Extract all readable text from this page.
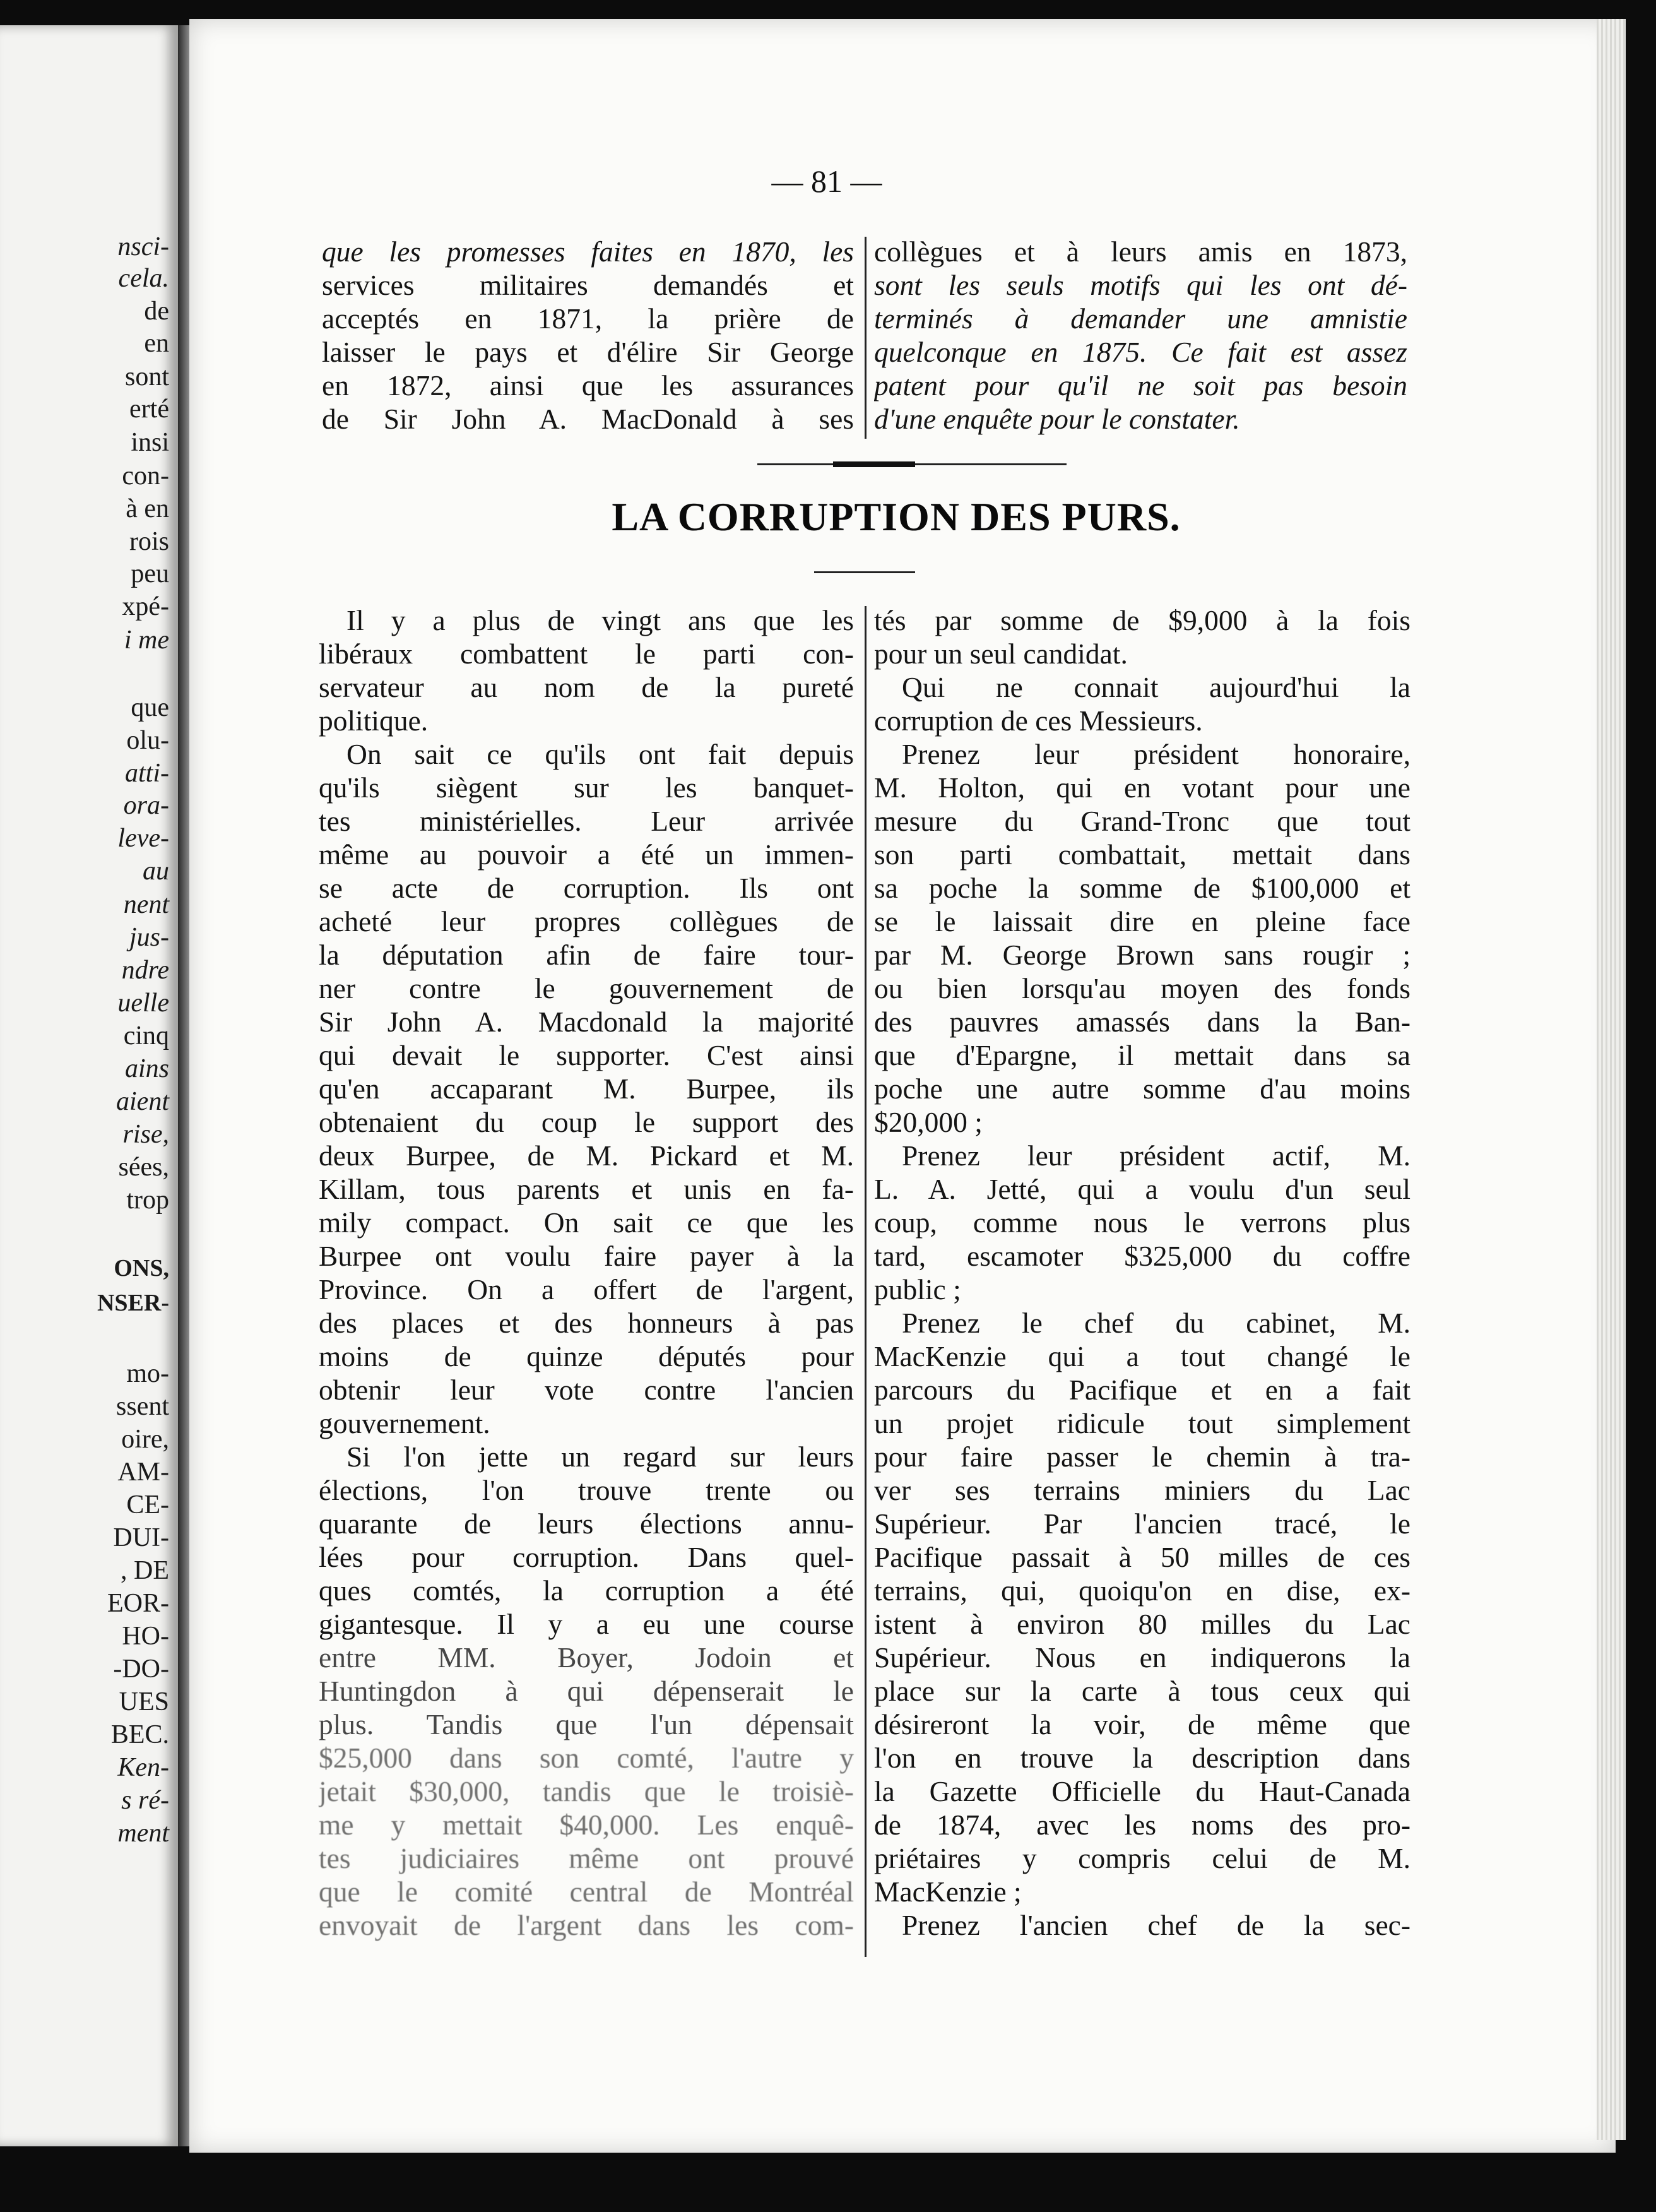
nsci-
cela.
de
en
sont
erté
insi
con-
à en
rois
peu
xpé-
i me
que
olu-
atti-
ora-
leve-
au
nent
jus-
ndre
uelle
cinq
ains
aient
rise,
sées,
trop
ONS,
NSER-
mo-
ssent
oire,
AM-
CE-
DUI-
, DE
EOR-
HO-
-DO-
UES
BEC.
Ken-
s ré-
ment
— 81 —
que les promesses faites en 1870, les
services militaires demandés et
acceptés en 1871, la prière de
laisser le pays et d'élire Sir George
en 1872, ainsi que les assurances
de Sir John A. MacDonald à ses
collègues et à leurs amis en 1873,
sont les seuls motifs qui les ont dé-
terminés à demander une amnistie
quelconque en 1875. Ce fait est assez
patent pour qu'il ne soit pas besoin
d'une enquête pour le constater.
LA CORRUPTION DES PURS.
Il y a plus de vingt ans que les
libéraux combattent le parti con-
servateur au nom de la pureté
politique.
On sait ce qu'ils ont fait depuis
qu'ils siègent sur les banquet-
tes ministérielles. Leur arrivée
même au pouvoir a été un immen-
se acte de corruption. Ils ont
acheté leur propres collègues de
la députation afin de faire tour-
ner contre le gouvernement de
Sir John A. Macdonald la majorité
qui devait le supporter. C'est ainsi
qu'en accaparant M. Burpee, ils
obtenaient du coup le support des
deux Burpee, de M. Pickard et M.
Killam, tous parents et unis en fa-
mily compact. On sait ce que les
Burpee ont voulu faire payer à la
Province. On a offert de l'argent,
des places et des honneurs à pas
moins de quinze députés pour
obtenir leur vote contre l'ancien
gouvernement.
Si l'on jette un regard sur leurs
élections, l'on trouve trente ou
quarante de leurs élections annu-
lées pour corruption. Dans quel-
ques comtés, la corruption a été
gigantesque. Il y a eu une course
entre MM. Boyer, Jodoin et
Huntingdon à qui dépenserait le
plus. Tandis que l'un dépensait
$25,000 dans son comté, l'autre y
jetait $30,000, tandis que le troisiè-
me y mettait $40,000. Les enquê-
tes judiciaires même ont prouvé
que le comité central de Montréal
envoyait de l'argent dans les com-
tés par somme de $9,000 à la fois
pour un seul candidat.
Qui ne connait aujourd'hui la
corruption de ces Messieurs.
Prenez leur président honoraire,
M. Holton, qui en votant pour une
mesure du Grand-Tronc que tout
son parti combattait, mettait dans
sa poche la somme de $100,000 et
se le laissait dire en pleine face
par M. George Brown sans rougir ;
ou bien lorsqu'au moyen des fonds
des pauvres amassés dans la Ban-
que d'Epargne, il mettait dans sa
poche une autre somme d'au moins
$20,000 ;
Prenez leur président actif, M.
L. A. Jetté, qui a voulu d'un seul
coup, comme nous le verrons plus
tard, escamoter $325,000 du coffre
public ;
Prenez le chef du cabinet, M.
MacKenzie qui a tout changé le
parcours du Pacifique et en a fait
un projet ridicule tout simplement
pour faire passer le chemin à tra-
ver ses terrains miniers du Lac
Supérieur. Par l'ancien tracé, le
Pacifique passait à 50 milles de ces
terrains, qui, quoiqu'on en dise, ex-
istent à environ 80 milles du Lac
Supérieur. Nous en indiquerons la
place sur la carte à tous ceux qui
désireront la voir, de même que
l'on en trouve la description dans
la Gazette Officielle du Haut-Canada
de 1874, avec les noms des pro-
priétaires y compris celui de M.
MacKenzie ;
Prenez l'ancien chef de la sec-
